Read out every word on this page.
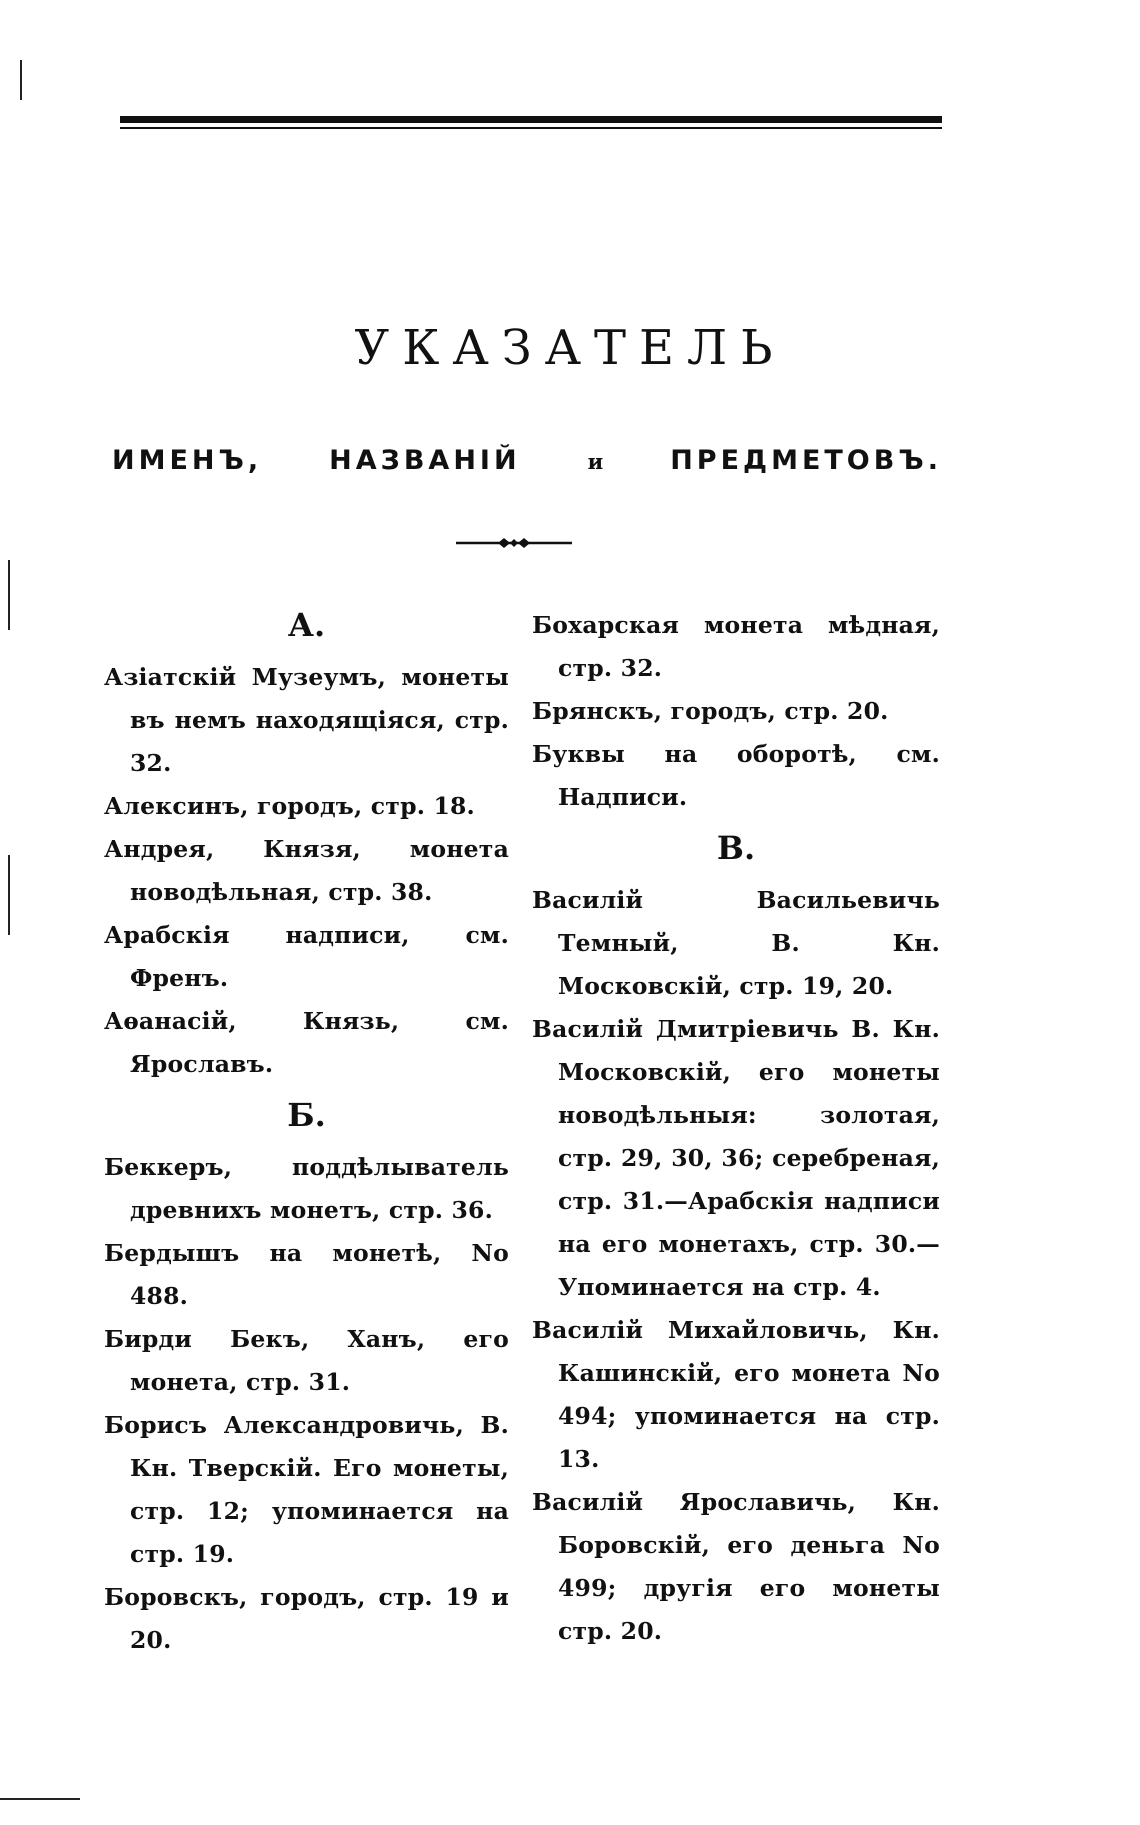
УКАЗАТЕЛЬ
ИМЕНЪ, НАЗВАНІЙ	и ПРЕДМЕТОВЪ.
А.

Азіатскій Музеумъ, монеты въ немъ находящіяся, стр. 32.

Алексинъ, городъ, стр. 18.

Андрея, Князя, монета новодѣльная, стр. 38.

Арабскія надписи, см. Френъ.

Аѳанасій, Князь, см. Ярославъ.

Б.

Беккеръ, поддѣлыватель древнихъ монетъ, стр. 36.

Бердышъ на монетѣ, No 488.

Бирди Бекъ, Ханъ, его монета, стр. 31.

Борисъ Александровичь, В. Кн. Тверскій. Его монеты, стр. 12; упоминается на стр. 19.

Боровскъ, городъ, стр. 19 и 20.

Бохарская монета мѣдная, стр. 32.

Брянскъ, городъ, стр. 20.

Буквы на оборотѣ, см. Надписи.

В.

Василій Васильевичь Темный, В. Кн. Московскій, стр. 19, 20.

Василій Дмитріевичь В. Кн. Московскій, его монеты новодѣльныя: золотая, стр. 29, 30, 36; серебреная, стр. 31.—Арабскія надписи на его монетахъ, стр. 30.— Упоминается на стр. 4.

Василій Михайловичь, Кн. Кашинскій, его монета No 494; упоминается на стр. 13.

Василій Ярославичь, Кн. Боровскій, его деньга No 499; другія его монеты стр. 20.
